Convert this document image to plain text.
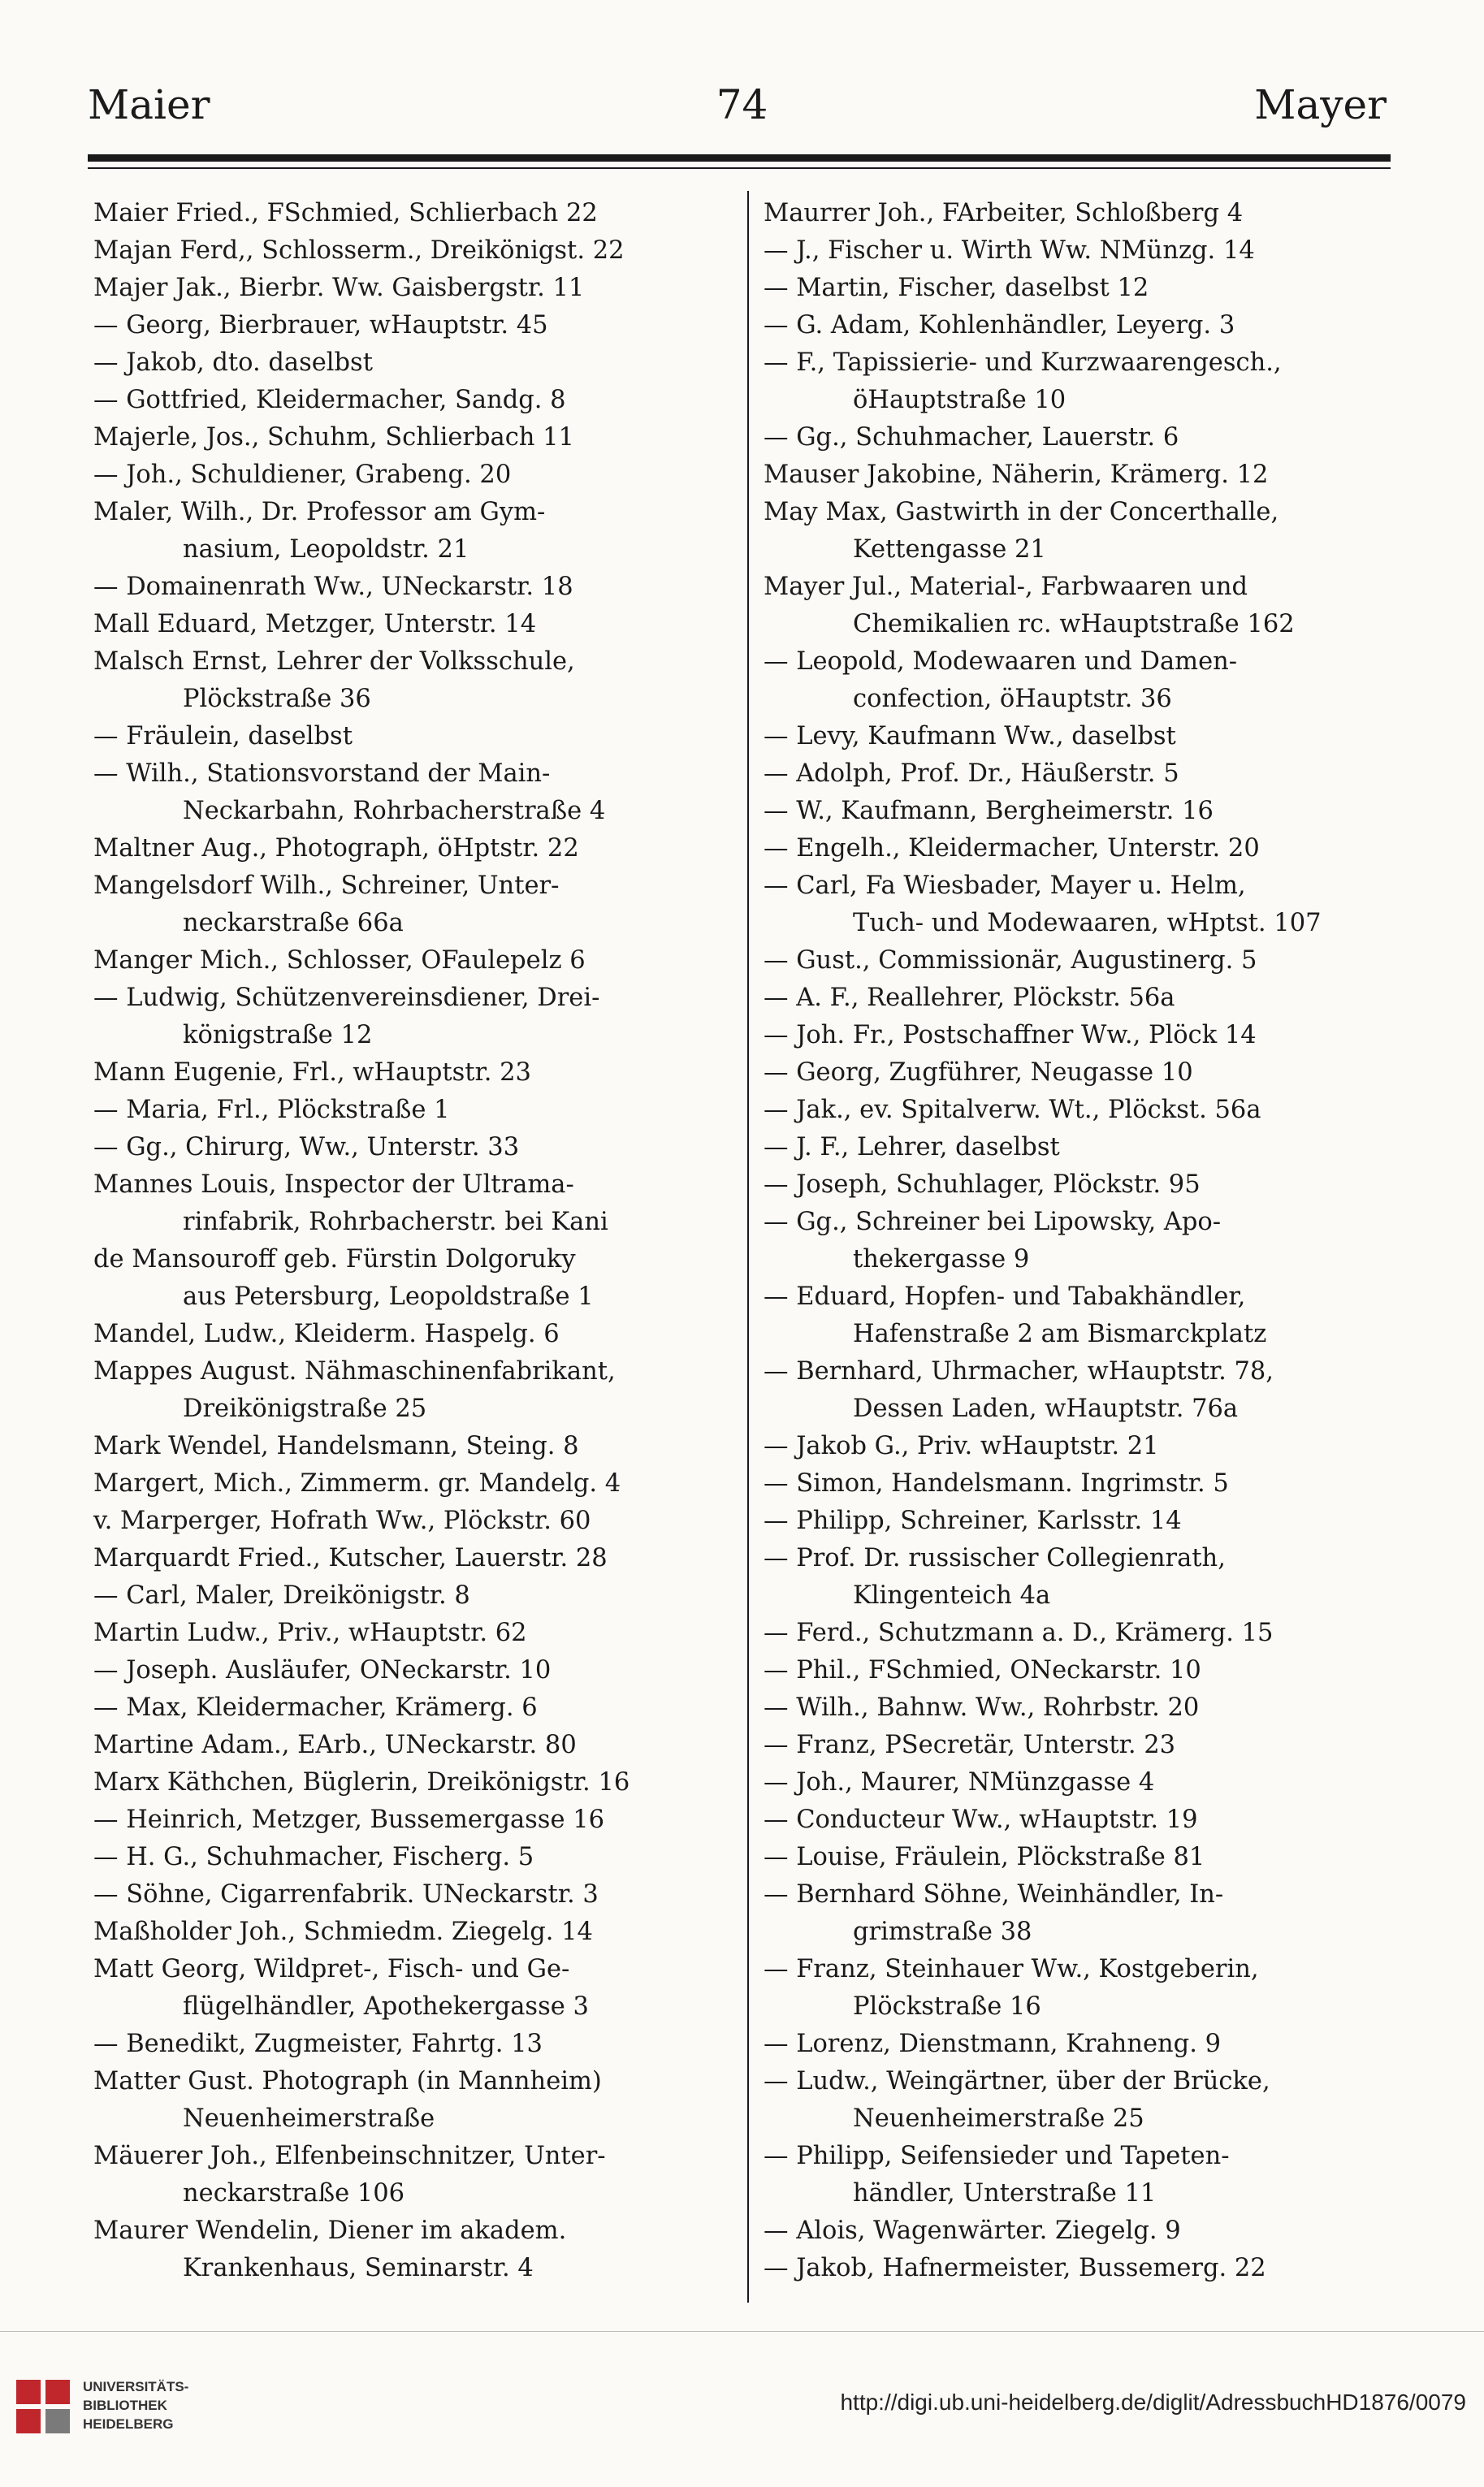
Maier	74	Mayer
Maier Fried., FSchmied, Schlierbach 22
Majan Ferd,, Schlosserm., Dreikönigst. 22
Majer Jak., Bierbr. Ww. Gaisbergstr. 11
— Georg, Bierbrauer, wHauptstr. 45
— Jakob, dto. daselbst
— Gottfried, Kleidermacher, Sandg. 8
Majerle, Jos., Schuhm, Schlierbach 11
— Joh., Schuldiener, Grabeng. 20
Maler, Wilh., Dr. Professor am Gym-
nasium, Leopoldstr. 21
— Domainenrath Ww., UNeckarstr. 18
Mall Eduard, Metzger, Unterstr. 14
Malsch Ernst, Lehrer der Volksschule,
Plöckstraße 36
— Fräulein, daselbst
— Wilh., Stationsvorstand der Main-
Neckarbahn, Rohrbacherstraße 4
Maltner Aug., Photograph, öHptstr. 22
Mangelsdorf Wilh., Schreiner, Unter-
neckarstraße 66a
Manger Mich., Schlosser, OFaulepelz 6
— Ludwig, Schützenvereinsdiener, Drei-
königstraße 12
Mann Eugenie, Frl., wHauptstr. 23
— Maria, Frl., Plöckstraße 1
— Gg., Chirurg, Ww., Unterstr. 33
Mannes Louis, Inspector der Ultrama-
rinfabrik, Rohrbacherstr. bei Kani
de Mansouroff geb. Fürstin Dolgoruky
aus Petersburg, Leopoldstraße 1
Mandel, Ludw., Kleiderm. Haspelg. 6
Mappes August. Nähmaschinenfabrikant,
Dreikönigstraße 25
Mark Wendel, Handelsmann, Steing. 8
Margert, Mich., Zimmerm. gr. Mandelg. 4
v. Marperger, Hofrath Ww., Plöckstr. 60
Marquardt Fried., Kutscher, Lauerstr. 28
— Carl, Maler, Dreikönigstr. 8
Martin Ludw., Priv., wHauptstr. 62
— Joseph. Ausläufer, ONeckarstr. 10
— Max, Kleidermacher, Krämerg. 6
Martine Adam., EArb., UNeckarstr. 80
Marx Käthchen, Büglerin, Dreikönigstr. 16
— Heinrich, Metzger, Bussemergasse 16
— H. G., Schuhmacher, Fischerg. 5
— Söhne, Cigarrenfabrik. UNeckarstr. 3
Maßholder Joh., Schmiedm. Ziegelg. 14
Matt Georg, Wildpret-, Fisch- und Ge-
flügelhändler, Apothekergasse 3
— Benedikt, Zugmeister, Fahrtg. 13
Matter Gust. Photograph (in Mannheim)
Neuenheimerstraße
Mäuerer Joh., Elfenbeinschnitzer, Unter-
neckarstraße 106
Maurer Wendelin, Diener im akadem.
Krankenhaus, Seminarstr. 4
Maurrer Joh., FArbeiter, Schloßberg 4
— J., Fischer u. Wirth Ww. NMünzg. 14
— Martin, Fischer, daselbst 12
— G. Adam, Kohlenhändler, Leyerg. 3
— F., Tapissierie- und Kurzwaarengesch.,
öHauptstraße 10
— Gg., Schuhmacher, Lauerstr. 6
Mauser Jakobine, Näherin, Krämerg. 12
May Max, Gastwirth in der Concerthalle,
Kettengasse 21
Mayer Jul., Material-, Farbwaaren und
Chemikalien rc. wHauptstraße 162
— Leopold, Modewaaren und Damen-
confection, öHauptstr. 36
— Levy, Kaufmann Ww., daselbst
— Adolph, Prof. Dr., Häußerstr. 5
— W., Kaufmann, Bergheimerstr. 16
— Engelh., Kleidermacher, Unterstr. 20
— Carl, Fa Wiesbader, Mayer u. Helm,
Tuch- und Modewaaren, wHptst. 107
— Gust., Commissionär, Augustinerg. 5
— A. F., Reallehrer, Plöckstr. 56a
— Joh. Fr., Postschaffner Ww., Plöck 14
— Georg, Zugführer, Neugasse 10
— Jak., ev. Spitalverw. Wt., Plöckst. 56a
— J. F., Lehrer, daselbst
— Joseph, Schuhlager, Plöckstr. 95
— Gg., Schreiner bei Lipowsky, Apo-
thekergasse 9
— Eduard, Hopfen- und Tabakhändler,
Hafenstraße 2 am Bismarckplatz
— Bernhard, Uhrmacher, wHauptstr. 78,
Dessen Laden, wHauptstr. 76a
— Jakob G., Priv. wHauptstr. 21
— Simon, Handelsmann. Ingrimstr. 5
— Philipp, Schreiner, Karlsstr. 14
— Prof. Dr. russischer Collegienrath,
Klingenteich 4a
— Ferd., Schutzmann a. D., Krämerg. 15
— Phil., FSchmied, ONeckarstr. 10
— Wilh., Bahnw. Ww., Rohrbstr. 20
— Franz, PSecretär, Unterstr. 23
— Joh., Maurer, NMünzgasse 4
— Conducteur Ww., wHauptstr. 19
— Louise, Fräulein, Plöckstraße 81
— Bernhard Söhne, Weinhändler, In-
grimstraße 38
— Franz, Steinhauer Ww., Kostgeberin,
Plöckstraße 16
— Lorenz, Dienstmann, Krahneng. 9
— Ludw., Weingärtner, über der Brücke,
Neuenheimerstraße 25
— Philipp, Seifensieder und Tapeten-
händler, Unterstraße 11
— Alois, Wagenwärter. Ziegelg. 9
— Jakob, Hafnermeister, Bussemerg. 22
UNIVERSITÄTS-
BIBLIOTHEK
HEIDELBERG
http://digi.ub.uni-heidelberg.de/diglit/AdressbuchHD1876/0079
